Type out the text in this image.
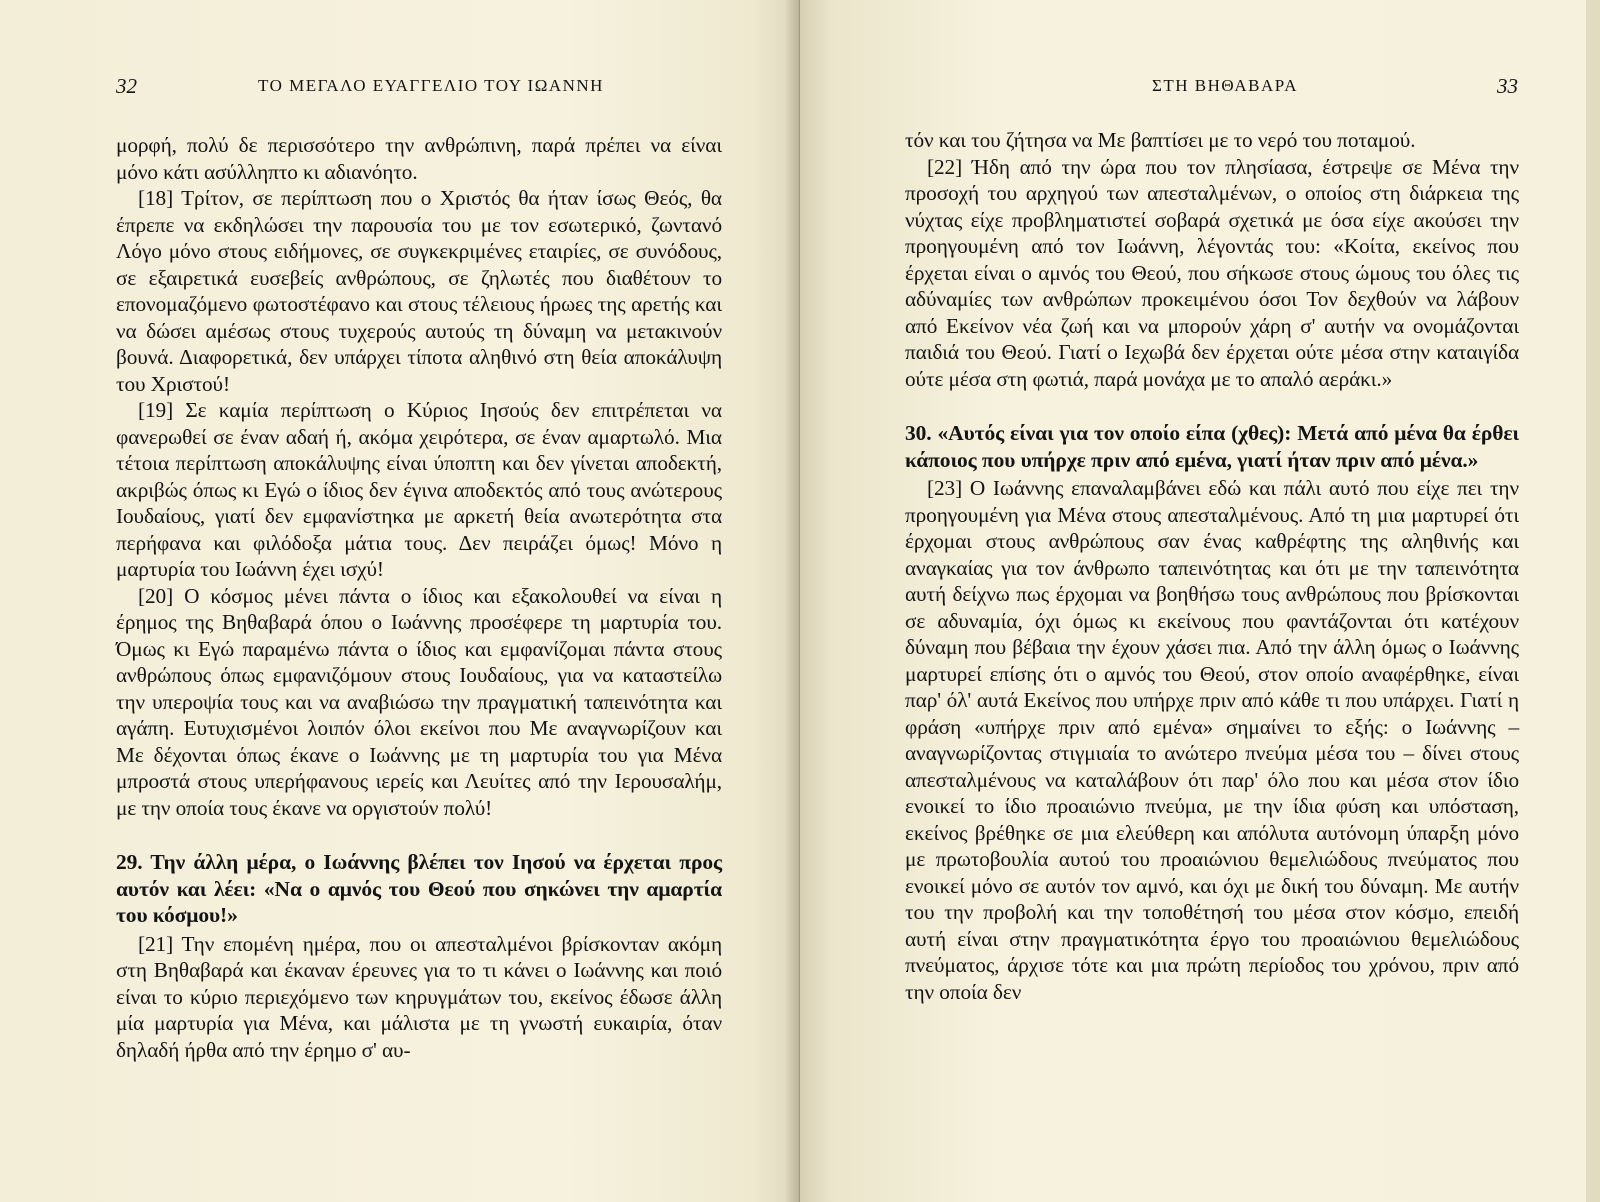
32	ΤΟ ΜΕΓΑΛΟ ΕΥΑΓΓΕΛΙΟ ΤΟΥ ΙΩΑΝΝΗ

μορφή, πολύ δε περισσότερο την ανθρώπινη, παρά πρέπει να είναι μόνο κάτι ασύλληπτο κι αδιανόητο.

[18] Τρίτον, σε περίπτωση που ο Χριστός θα ήταν ίσως Θεός, θα έπρεπε να εκδηλώσει την παρουσία του με τον εσωτερικό, ζωντανό Λόγο μόνο στους ειδήμονες, σε συγκεκριμένες εταιρίες, σε συνόδους, σε εξαιρετικά ευσεβείς ανθρώπους, σε ζηλωτές που διαθέτουν το επονομαζόμενο φωτοστέφανο και στους τέλειους ήρωες της αρετής και να δώσει αμέσως στους τυχερούς αυτούς τη δύναμη να μετακινούν βουνά. Διαφορετικά, δεν υπάρχει τίποτα αληθινό στη θεία αποκάλυψη του Χριστού!

[19] Σε καμία περίπτωση ο Κύριος Ιησούς δεν επιτρέπεται να φανερωθεί σε έναν αδαή ή, ακόμα χειρότερα, σε έναν αμαρτωλό. Μια τέτοια περίπτωση αποκάλυψης είναι ύποπτη και δεν γίνεται αποδεκτή, ακριβώς όπως κι Εγώ ο ίδιος δεν έγινα αποδεκτός από τους ανώτερους Ιουδαίους, γιατί δεν εμφανίστηκα με αρκετή θεία ανωτερότητα στα περήφανα και φιλόδοξα μάτια τους. Δεν πειράζει όμως! Μόνο η μαρτυρία του Ιωάννη έχει ισχύ!

[20] Ο κόσμος μένει πάντα ο ίδιος και εξακολουθεί να είναι η έρημος της Βηθαβαρά όπου ο Ιωάννης προσέφερε τη μαρτυρία του. Όμως κι Εγώ παραμένω πάντα ο ίδιος και εμφανίζομαι πάντα στους ανθρώπους όπως εμφανιζόμουν στους Ιουδαίους, για να καταστείλω την υπεροψία τους και να αναβιώσω την πραγματική ταπεινότητα και αγάπη. Ευτυχισμένοι λοιπόν όλοι εκείνοι που Με αναγνωρίζουν και Με δέχονται όπως έκανε ο Ιωάννης με τη μαρτυρία του για Μένα μπροστά στους υπερήφανους ιερείς και Λευίτες από την Ιερουσαλήμ, με την οποία τους έκανε να οργιστούν πολύ!

29. Την άλλη μέρα, ο Ιωάννης βλέπει τον Ιησού να έρχεται προς αυτόν και λέει: «Να ο αμνός του Θεού που σηκώνει την αμαρτία του κόσμου!»

[21] Την επομένη ημέρα, που οι απεσταλμένοι βρίσκονταν ακόμη στη Βηθαβαρά και έκαναν έρευνες για το τι κάνει ο Ιωάννης και ποιό είναι το κύριο περιεχόμενο των κηρυγμάτων του, εκείνος έδωσε άλλη μία μαρτυρία για Μένα, και μάλιστα με τη γνωστή ευκαιρία, όταν δηλαδή ήρθα από την έρημο σ' αυ-

ΣΤΗ ΒΗΘΑΒΑΡΑ	33

τόν και του ζήτησα να Με βαπτίσει με το νερό του ποταμού.

[22] Ήδη από την ώρα που τον πλησίασα, έστρεψε σε Μένα την προσοχή του αρχηγού των απεσταλμένων, ο οποίος στη διάρκεια της νύχτας είχε προβληματιστεί σοβαρά σχετικά με όσα είχε ακούσει την προηγουμένη από τον Ιωάννη, λέγοντάς του: «Κοίτα, εκείνος που έρχεται είναι ο αμνός του Θεού, που σήκωσε στους ώμους του όλες τις αδύναμίες των ανθρώπων προκειμένου όσοι Τον δεχθούν να λάβουν από Εκείνον νέα ζωή και να μπορούν χάρη σ' αυτήν να ονομάζονται παιδιά του Θεού. Γιατί ο Ιεχωβά δεν έρχεται ούτε μέσα στην καταιγίδα ούτε μέσα στη φωτιά, παρά μονάχα με το απαλό αεράκι.»

30. «Αυτός είναι για τον οποίο είπα (χθες): Μετά από μένα θα έρθει κάποιος που υπήρχε πριν από εμένα, γιατί ήταν πριν από μένα.»

[23] Ο Ιωάννης επαναλαμβάνει εδώ και πάλι αυτό που είχε πει την προηγουμένη για Μένα στους απεσταλμένους. Από τη μια μαρτυρεί ότι έρχομαι στους ανθρώπους σαν ένας καθρέφτης της αληθινής και αναγκαίας για τον άνθρωπο ταπεινότητας και ότι με την ταπεινότητα αυτή δείχνω πως έρχομαι να βοηθήσω τους ανθρώπους που βρίσκονται σε αδυναμία, όχι όμως κι εκείνους που φαντάζονται ότι κατέχουν δύναμη που βέβαια την έχουν χάσει πια. Από την άλλη όμως ο Ιωάννης μαρτυρεί επίσης ότι ο αμνός του Θεού, στον οποίο αναφέρθηκε, είναι παρ' όλ' αυτά Εκείνος που υπήρχε πριν από κάθε τι που υπάρχει. Γιατί η φράση «υπήρχε πριν από εμένα» σημαίνει το εξής: ο Ιωάννης – αναγνωρίζοντας στιγμιαία το ανώτερο πνεύμα μέσα του – δίνει στους απεσταλμένους να καταλάβουν ότι παρ' όλο που και μέσα στον ίδιο ενοικεί το ίδιο προαιώνιο πνεύμα, με την ίδια φύση και υπόσταση, εκείνος βρέθηκε σε μια ελεύθερη και απόλυτα αυτόνομη ύπαρξη μόνο με πρωτοβουλία αυτού του προαιώνιου θεμελιώδους πνεύματος που ενοικεί μόνο σε αυτόν τον αμνό, και όχι με δική του δύναμη. Με αυτήν του την προβολή και την τοποθέτησή του μέσα στον κόσμο, επειδή αυτή είναι στην πραγματικότητα έργο του προαιώνιου θεμελιώδους πνεύματος, άρχισε τότε και μια πρώτη περίοδος του χρόνου, πριν από την οποία δεν
